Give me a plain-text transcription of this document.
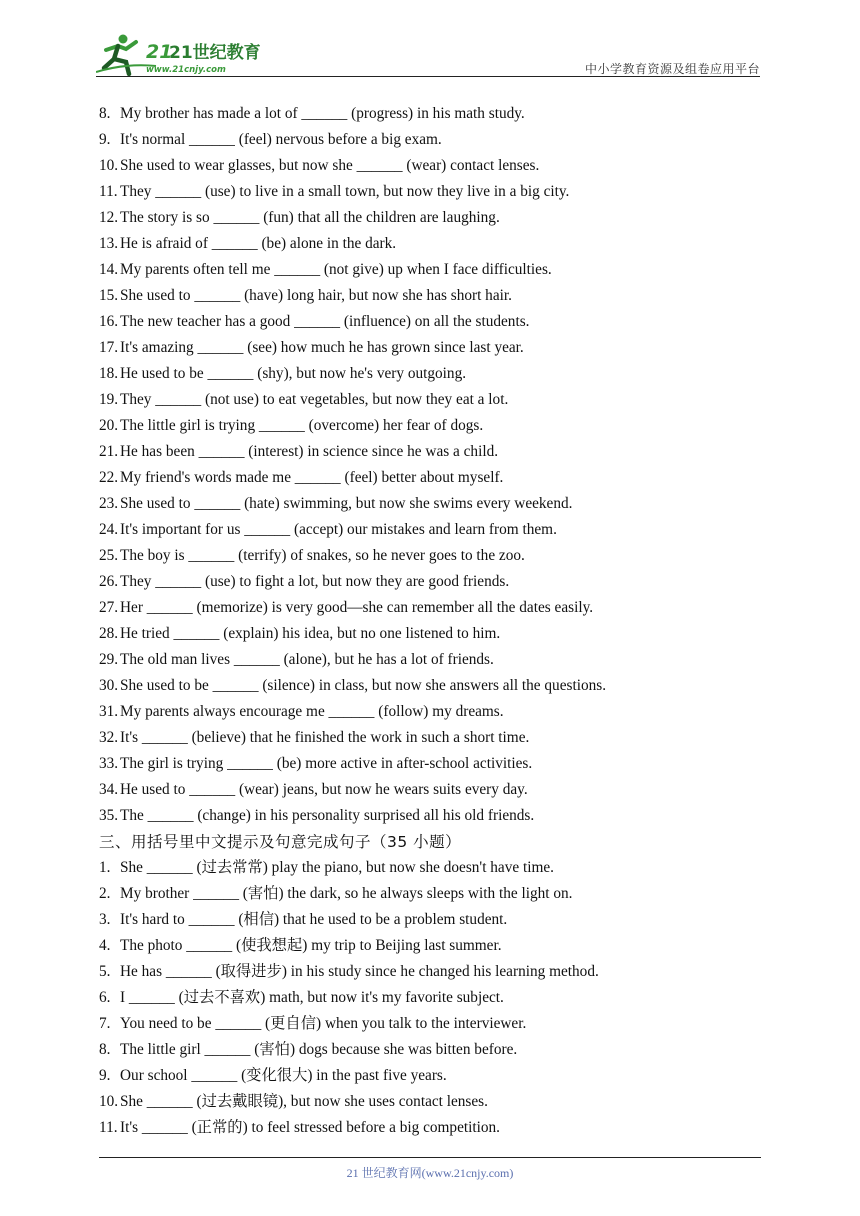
21
21世纪教育
www.21cnjy.com	中小学教育资源及组卷应用平台
8. My brother has made a lot of ______ (progress) in his math study.
9. It's normal ______ (feel) nervous before a big exam.
10. She used to wear glasses, but now she ______ (wear) contact lenses.
11. They ______ (use) to live in a small town, but now they live in a big city.
12. The story is so ______ (fun) that all the children are laughing.
13. He is afraid of ______ (be) alone in the dark.
14. My parents often tell me ______ (not give) up when I face difficulties.
15. She used to ______ (have) long hair, but now she has short hair.
16. The new teacher has a good ______ (influence) on all the students.
17. It's amazing ______ (see) how much he has grown since last year.
18. He used to be ______ (shy), but now he's very outgoing.
19. They ______ (not use) to eat vegetables, but now they eat a lot.
20. The little girl is trying ______ (overcome) her fear of dogs.
21. He has been ______ (interest) in science since he was a child.
22. My friend's words made me ______ (feel) better about myself.
23. She used to ______ (hate) swimming, but now she swims every weekend.
24. It's important for us ______ (accept) our mistakes and learn from them.
25. The boy is ______ (terrify) of snakes, so he never goes to the zoo.
26. They ______ (use) to fight a lot, but now they are good friends.
27. Her ______ (memorize) is very good—she can remember all the dates easily.
28. He tried ______ (explain) his idea, but no one listened to him.
29. The old man lives ______ (alone), but he has a lot of friends.
30. She used to be ______ (silence) in class, but now she answers all the questions.
31. My parents always encourage me ______ (follow) my dreams.
32. It's ______ (believe) that he finished the work in such a short time.
33. The girl is trying ______ (be) more active in after-school activities.
34. He used to ______ (wear) jeans, but now he wears suits every day.
35. The ______ (change) in his personality surprised all his old friends.
三、用括号里中文提示及句意完成句子（35 小题）
1. She ______ (过去常常) play the piano, but now she doesn't have time.
2. My brother ______ (害怕) the dark, so he always sleeps with the light on.
3. It's hard to ______ (相信) that he used to be a problem student.
4. The photo ______ (使我想起) my trip to Beijing last summer.
5. He has ______ (取得进步) in his study since he changed his learning method.
6. I ______ (过去不喜欢) math, but now it's my favorite subject.
7. You need to be ______ (更自信) when you talk to the interviewer.
8. The little girl ______ (害怕) dogs because she was bitten before.
9. Our school ______ (变化很大) in the past five years.
10. She ______ (过去戴眼镜), but now she uses contact lenses.
11. It's ______ (正常的) to feel stressed before a big competition.
21 世纪教育网(www.21cnjy.com)
